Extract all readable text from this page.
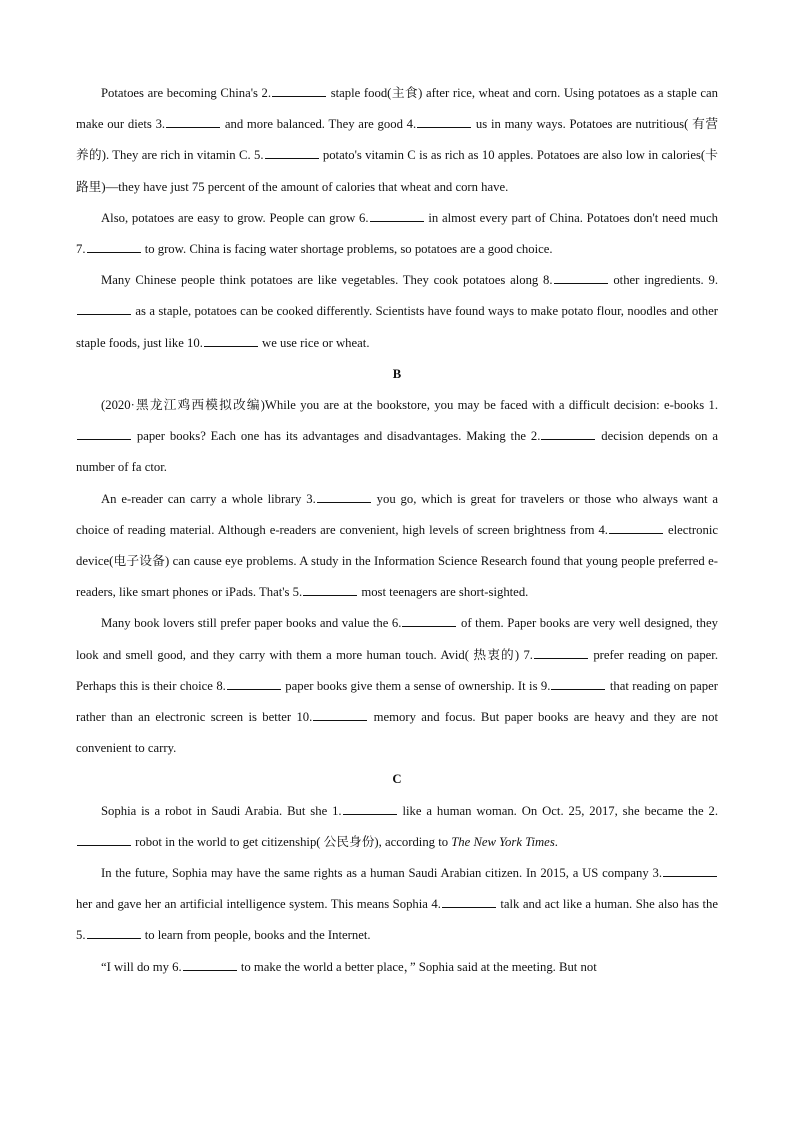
Potatoes are becoming China's 2.	staple food(主食) after rice, wheat and corn. Using potatoes as a staple can make our diets 3.	and more balanced. They are good 4.	us in many ways. Potatoes are nutritious( 有营养的). They are rich in vitamin C. 5.	potato's vitamin C is as rich as 10 apples. Potatoes are also low in calories(卡路里)—they have just 75 percent of the amount of calories that wheat and corn have.

Also, potatoes are easy to grow. People can grow 6.	in almost every part of China. Potatoes don't need much 7.	to grow. China is facing water shortage problems, so potatoes are a good choice.

Many Chinese people think potatoes are like vegetables. They cook potatoes along 8.	other ingredients. 9. as a staple, potatoes can be cooked differently. Scientists have found ways to make potato flour, noodles and other staple foods, just like 10.	we use rice or wheat.

B

(2020·黑龙江鸡西模拟改编)While you are at the bookstore, you may be faced with a difficult decision: e-books 1. paper books? Each one has its advantages and disadvantages. Making the 2.	decision depends on a number of fa ctor.

An e-reader can carry a whole library 3.	you go, which is great for travelers or those who always want a choice of reading material. Although e-readers are convenient, high levels of screen brightness from 4.	electronic device(电子设备) can cause eye problems. A study in the Information Science Research found that young people preferred e-readers, like smart phones or iPads. That's 5.	most teenagers are short-sighted.

Many book lovers still prefer paper books and value the 6.	of them. Paper books are very well designed, they look and smell good, and they carry with them a more human touch. Avid( 热衷的) 7.	prefer reading on paper. Perhaps this is their choice 8.	paper books give them a sense of ownership. It is 9.	that reading on paper rather than an electronic screen is better 10.	memory and focus. But paper books are heavy and they are not convenient to carry.

C

Sophia is a robot in Saudi Arabia. But she 1.	like a human woman. On Oct. 25, 2017, she became the 2. robot in the world to get citizenship( 公民身份), according to The New York Times.

In the future, Sophia may have the same rights as a human Saudi Arabian citizen. In 2015, a US company 3. her and gave her an artificial intelligence system. This means Sophia 4.	talk and act like a human. She also has the 5.	to learn from people, books and the Internet.

“I will do my 6.	to make the world a better place，” Sophia said at the meeting. But not
